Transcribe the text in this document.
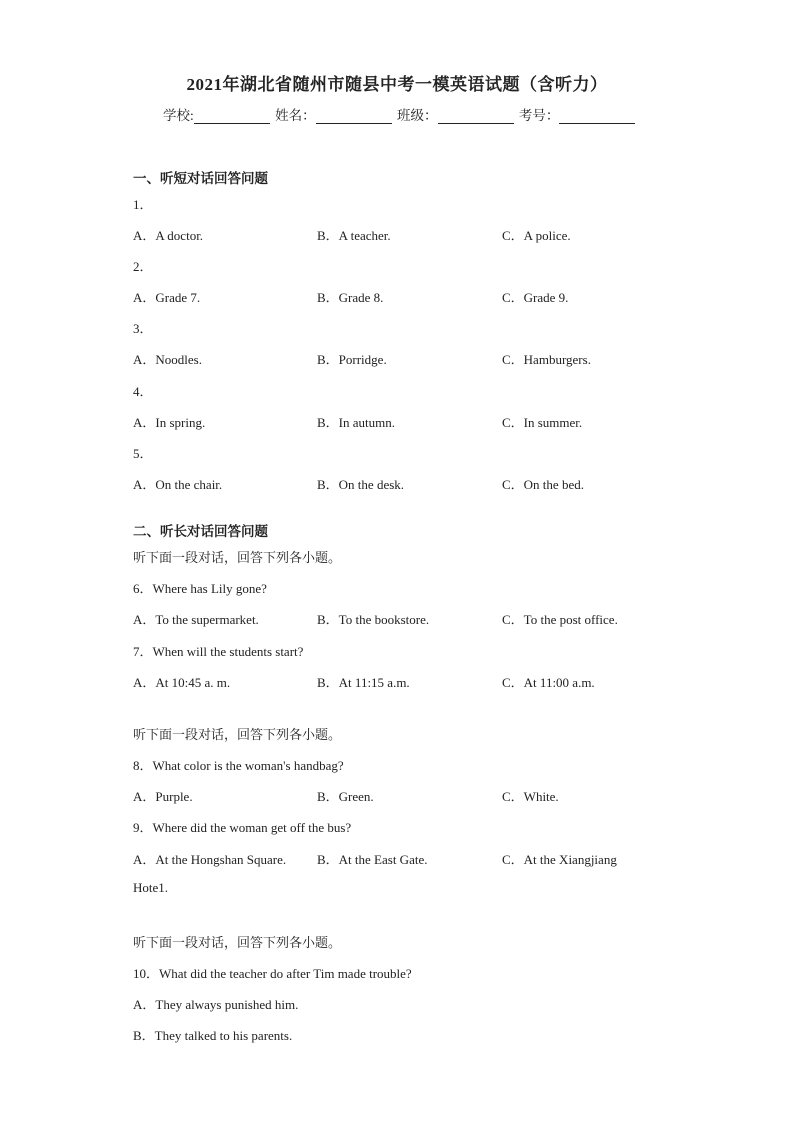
2021年湖北省随州市随县中考一模英语试题（含听力）
学校:	姓名：	班级：	考号：
一、听短对话回答问题
1．
A．A doctor.	B．A teacher.	C．A police.
2．
A．Grade 7.	B．Grade 8.	C．Grade 9.
3．
A．Noodles.	B．Porridge.	C．Hamburgers.
4．
A．In spring.	B．In autumn.	C．In summer.
5．
A．On the chair.	B．On the desk.	C．On the bed.
二、听长对话回答问题
听下面一段对话，回答下列各小题。
6．Where has Lily gone?
A．To the supermarket.	B．To the bookstore.	C．To the post office.
7．When will the students start?
A．At 10:45 a. m.	B．At 11:15 a.m.	C．At 11:00 a.m.
听下面一段对话，回答下列各小题。
8．What color is the woman's handbag?
A．Purple.	B．Green.	C．White.
9．Where did the woman get off the bus?
A．At the Hongshan Square. B．At the East Gate.	C．At the Xiangjiang
Hote1.
听下面一段对话，回答下列各小题。
10．What did the teacher do after Tim made trouble?
A．They always punished him.
B．They talked to his parents.
